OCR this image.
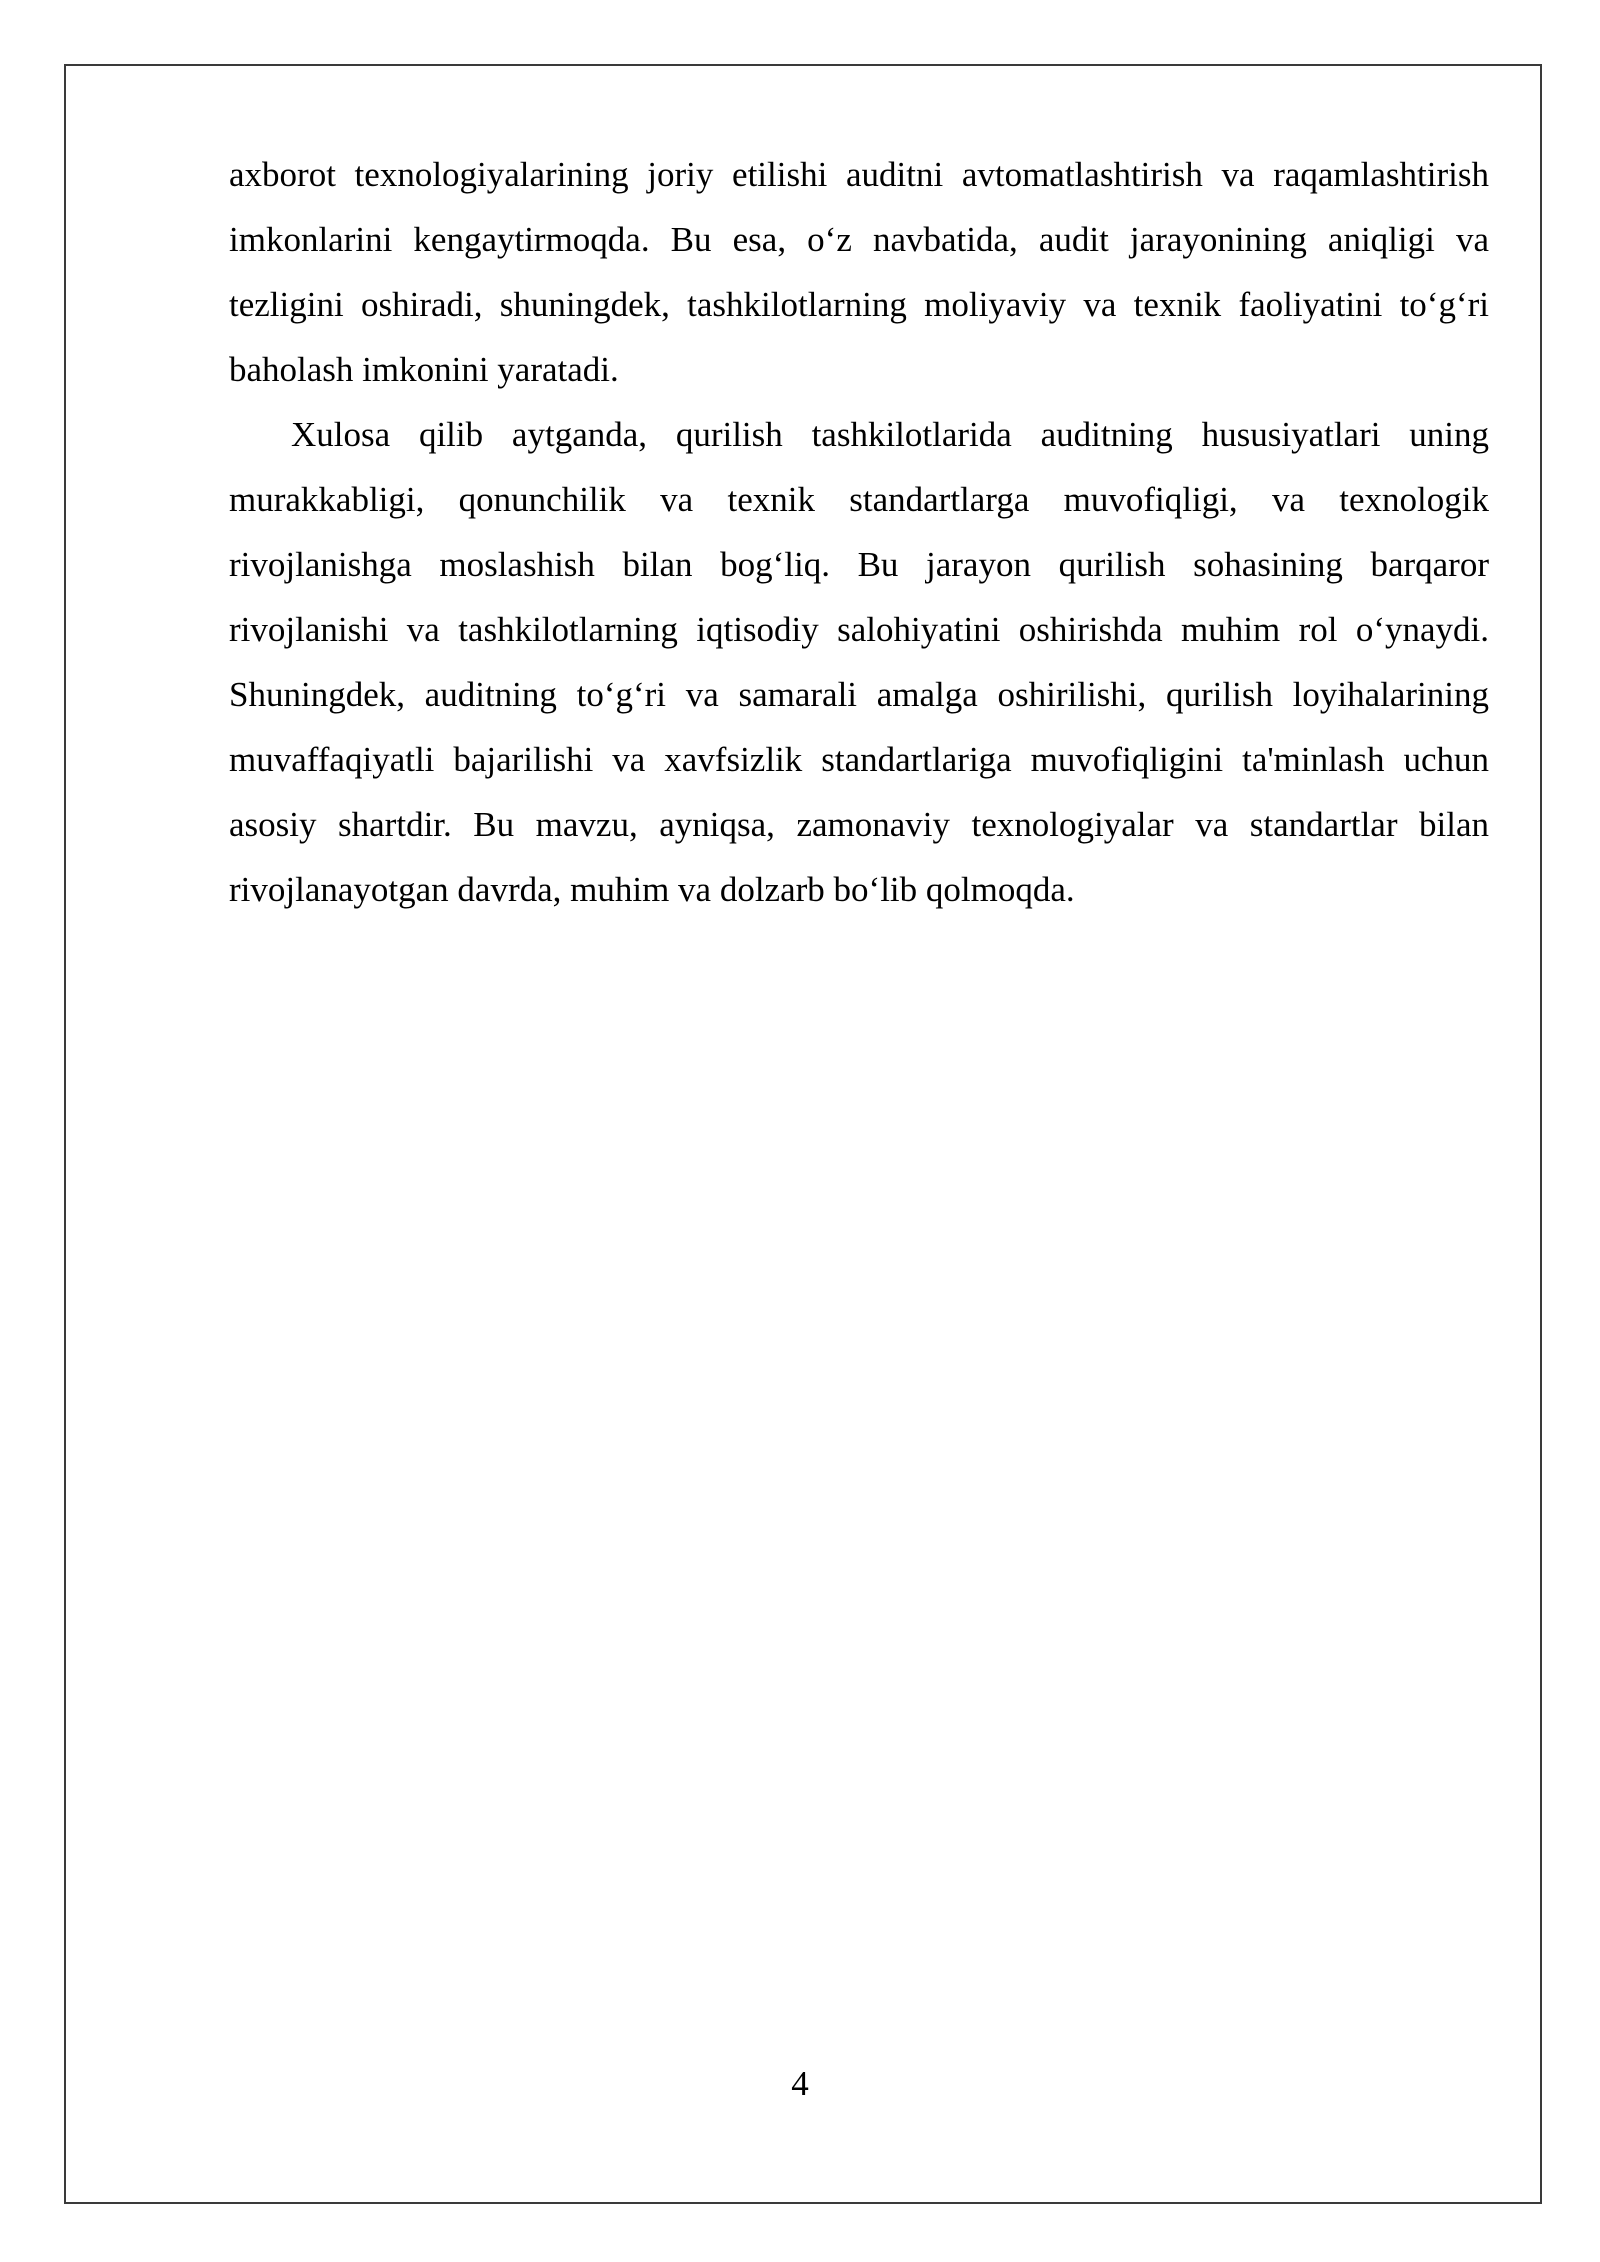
axborot texnologiyalarining joriy etilishi auditni avtomatlashtirish va raqamlashtirish imkonlarini kengaytirmoqda. Bu esa, o‘z navbatida, audit jarayonining aniqligi va tezligini oshiradi, shuningdek, tashkilotlarning moliyaviy va texnik faoliyatini to‘g‘ri baholash imkonini yaratadi.

Xulosa qilib aytganda, qurilish tashkilotlarida auditning hususiyatlari uning murakkabligi, qonunchilik va texnik standartlarga muvofiqligi, va texnologik rivojlanishga moslashish bilan bog‘liq. Bu jarayon qurilish sohasining barqaror rivojlanishi va tashkilotlarning iqtisodiy salohiyatini oshirishda muhim rol o‘ynaydi. Shuningdek, auditning to‘g‘ri va samarali amalga oshirilishi, qurilish loyihalarining muvaffaqiyatli bajarilishi va xavfsizlik standartlariga muvofiqligini ta'minlash uchun asosiy shartdir. Bu mavzu, ayniqsa, zamonaviy texnologiyalar va standartlar bilan rivojlanayotgan davrda, muhim va dolzarb bo‘lib qolmoqda.

4
